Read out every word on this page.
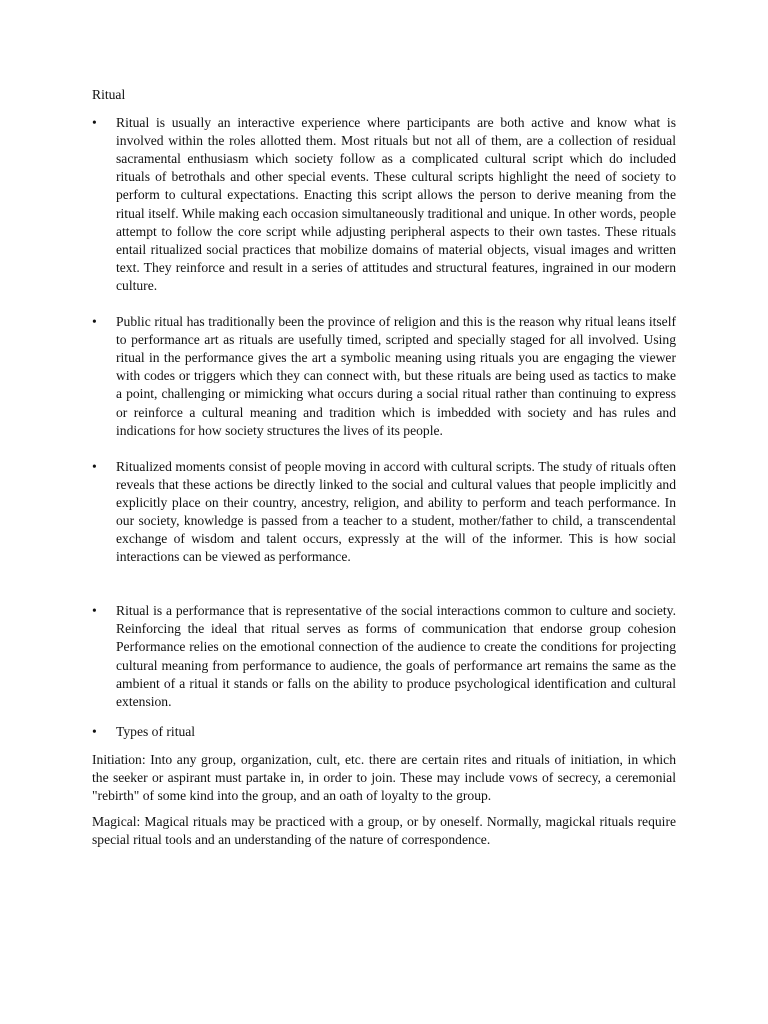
Ritual
• Ritual is usually an interactive experience where participants are both active and know what is involved within the roles allotted them. Most rituals but not all of them, are a collection of residual sacramental enthusiasm which society follow as a complicated cultural script which do included rituals of betrothals and other special events. These cultural scripts highlight the need of society to perform to cultural expectations. Enacting this script allows the person to derive meaning from the ritual itself. While making each occasion simultaneously traditional and unique. In other words, people attempt to follow the core script while adjusting peripheral aspects to their own tastes. These rituals entail ritualized social practices that mobilize domains of material objects, visual images and written text. They reinforce and result in a series of attitudes and structural features, ingrained in our modern culture.
• Public ritual has traditionally been the province of religion and this is the reason why ritual leans itself to performance art as rituals are usefully timed, scripted and specially staged for all involved. Using ritual in the performance gives the art a symbolic meaning using rituals you are engaging the viewer with codes or triggers which they can connect with, but these rituals are being used as tactics to make a point, challenging or mimicking what occurs during a social ritual rather than continuing to express or reinforce a cultural meaning and tradition which is imbedded with society and has rules and indications for how society structures the lives of its people.
• Ritualized moments consist of people moving in accord with cultural scripts. The study of rituals often reveals that these actions be directly linked to the social and cultural values that people implicitly and explicitly place on their country, ancestry, religion, and ability to perform and teach performance. In our society, knowledge is passed from a teacher to a student, mother/father to child, a transcendental exchange of wisdom and talent occurs, expressly at the will of the informer. This is how social interactions can be viewed as performance.
• Ritual is a performance that is representative of the social interactions common to culture and society. Reinforcing the ideal that ritual serves as forms of communication that endorse group cohesion Performance relies on the emotional connection of the audience to create the conditions for projecting cultural meaning from performance to audience, the goals of performance art remains the same as the ambient of a ritual it stands or falls on the ability to produce psychological identification and cultural extension.
• Types of ritual

Initiation: Into any group, organization, cult, etc. there are certain rites and rituals of initiation, in which the seeker or aspirant must partake in, in order to join. These may include vows of secrecy, a ceremonial "rebirth" of some kind into the group, and an oath of loyalty to the group.

Magical: Magical rituals may be practiced with a group, or by oneself. Normally, magickal rituals require special ritual tools and an understanding of the nature of correspondence.
